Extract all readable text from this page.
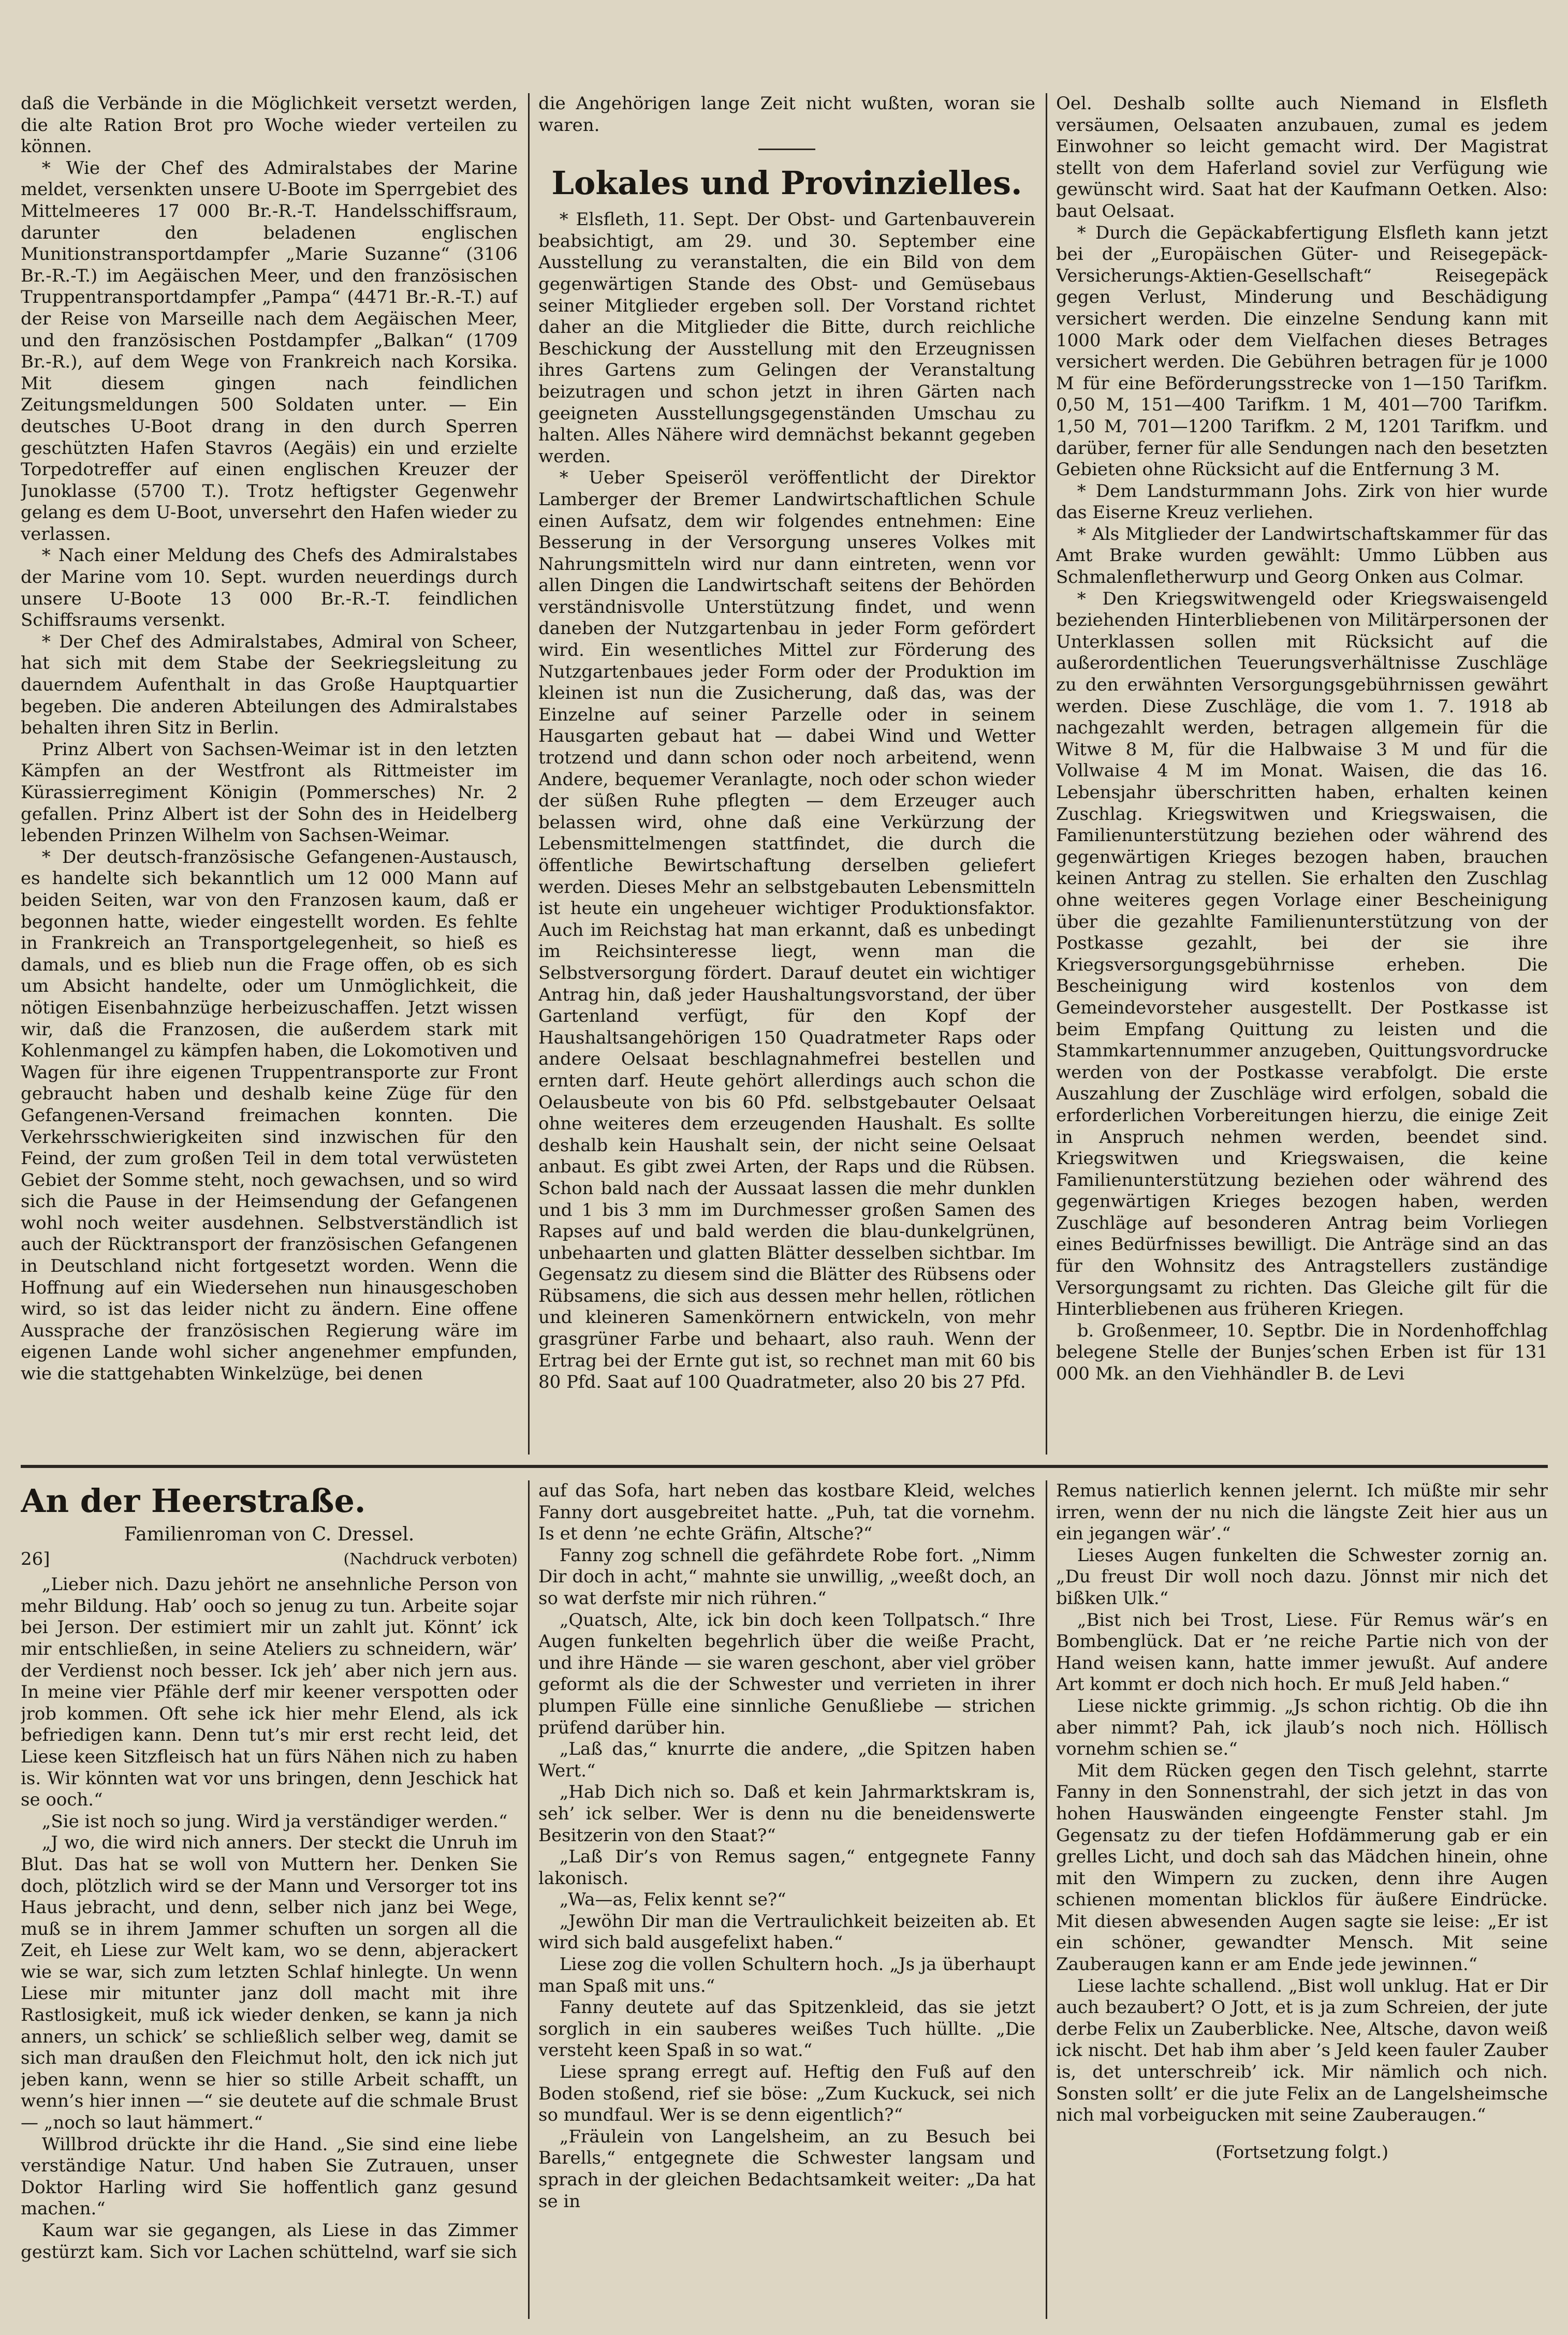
daß die Verbände in die Möglichkeit versetzt werden, die alte Ration Brot pro Woche wieder verteilen zu können.

* Wie der Chef des Admiralstabes der Marine meldet, versenkten unsere U-Boote im Sperrgebiet des Mittelmeeres 17 000 Br.-R.-T. Handelsschiffsraum, darunter den beladenen englischen Munitionstransportdampfer „Marie Suzanne“ (3106 Br.-R.-T.) im Aegäischen Meer, und den französischen Truppentransportdampfer „Pampa“ (4471 Br.-R.-T.) auf der Reise von Marseille nach dem Aegäischen Meer, und den französischen Postdampfer „Balkan“ (1709 Br.-R.), auf dem Wege von Frankreich nach Korsika. Mit diesem gingen nach feindlichen Zeitungsmeldungen 500 Soldaten unter. — Ein deutsches U-Boot drang in den durch Sperren geschützten Hafen Stavros (Aegäis) ein und erzielte Torpedotreffer auf einen englischen Kreuzer der Junoklasse (5700 T.). Trotz heftigster Gegenwehr gelang es dem U-Boot, unversehrt den Hafen wieder zu verlassen.

* Nach einer Meldung des Chefs des Admiralstabes der Marine vom 10. Sept. wurden neuerdings durch unsere U-Boote 13 000 Br.-R.-T. feindlichen Schiffsraums versenkt.

* Der Chef des Admiralstabes, Admiral von Scheer, hat sich mit dem Stabe der Seekriegsleitung zu dauerndem Aufenthalt in das Große Hauptquartier begeben. Die anderen Abteilungen des Admiralstabes behalten ihren Sitz in Berlin.

Prinz Albert von Sachsen-Weimar ist in den letzten Kämpfen an der Westfront als Rittmeister im Kürassierregiment Königin (Pommersches) Nr. 2 gefallen. Prinz Albert ist der Sohn des in Heidelberg lebenden Prinzen Wilhelm von Sachsen-Weimar.

* Der deutsch-französische Gefangenen-Austausch, es handelte sich bekanntlich um 12 000 Mann auf beiden Seiten, war von den Franzosen kaum, daß er begonnen hatte, wieder eingestellt worden. Es fehlte in Frankreich an Transportgelegenheit, so hieß es damals, und es blieb nun die Frage offen, ob es sich um Absicht handelte, oder um Unmöglichkeit, die nötigen Eisenbahnzüge herbeizuschaffen. Jetzt wissen wir, daß die Franzosen, die außerdem stark mit Kohlenmangel zu kämpfen haben, die Lokomotiven und Wagen für ihre eigenen Truppentransporte zur Front gebraucht haben und deshalb keine Züge für den Gefangenen-Versand freimachen konnten. Die Verkehrsschwierigkeiten sind inzwischen für den Feind, der zum großen Teil in dem total verwüsteten Gebiet der Somme steht, noch gewachsen, und so wird sich die Pause in der Heimsendung der Gefangenen wohl noch weiter ausdehnen. Selbstverständlich ist auch der Rücktransport der französischen Gefangenen in Deutschland nicht fortgesetzt worden. Wenn die Hoffnung auf ein Wiedersehen nun hinausgeschoben wird, so ist das leider nicht zu ändern. Eine offene Aussprache der französischen Regierung wäre im eigenen Lande wohl sicher angenehmer empfunden, wie die stattgehabten Winkelzüge, bei denen

die Angehörigen lange Zeit nicht wußten, woran sie waren.

Lokales und Provinzielles.

* Elsfleth, 11. Sept. Der Obst- und Gartenbauverein beabsichtigt, am 29. und 30. September eine Ausstellung zu veranstalten, die ein Bild von dem gegenwärtigen Stande des Obst- und Gemüsebaus seiner Mitglieder ergeben soll. Der Vorstand richtet daher an die Mitglieder die Bitte, durch reichliche Beschickung der Ausstellung mit den Erzeugnissen ihres Gartens zum Gelingen der Veranstaltung beizutragen und schon jetzt in ihren Gärten nach geeigneten Ausstellungsgegenständen Umschau zu halten. Alles Nähere wird demnächst bekannt gegeben werden.

* Ueber Speiseröl veröffentlicht der Direktor Lamberger der Bremer Landwirtschaftlichen Schule einen Aufsatz, dem wir folgendes entnehmen: Eine Besserung in der Versorgung unseres Volkes mit Nahrungsmitteln wird nur dann eintreten, wenn vor allen Dingen die Landwirtschaft seitens der Behörden verständnisvolle Unterstützung findet, und wenn daneben der Nutzgartenbau in jeder Form gefördert wird. Ein wesentliches Mittel zur Förderung des Nutzgartenbaues jeder Form oder der Produktion im kleinen ist nun die Zusicherung, daß das, was der Einzelne auf seiner Parzelle oder in seinem Hausgarten gebaut hat — dabei Wind und Wetter trotzend und dann schon oder noch arbeitend, wenn Andere, bequemer Veranlagte, noch oder schon wieder der süßen Ruhe pflegten — dem Erzeuger auch belassen wird, ohne daß eine Verkürzung der Lebensmittelmengen stattfindet, die durch die öffentliche Bewirtschaftung derselben geliefert werden. Dieses Mehr an selbstgebauten Lebensmitteln ist heute ein ungeheuer wichtiger Produktionsfaktor. Auch im Reichstag hat man erkannt, daß es unbedingt im Reichsinteresse liegt, wenn man die Selbstversorgung fördert. Darauf deutet ein wichtiger Antrag hin, daß jeder Haushaltungsvorstand, der über Gartenland verfügt, für den Kopf der Haushaltsangehörigen 150 Quadratmeter Raps oder andere Oelsaat beschlagnahmefrei bestellen und ernten darf. Heute gehört allerdings auch schon die Oelausbeute von bis 60 Pfd. selbstgebauter Oelsaat ohne weiteres dem erzeugenden Haushalt. Es sollte deshalb kein Haushalt sein, der nicht seine Oelsaat anbaut. Es gibt zwei Arten, der Raps und die Rübsen. Schon bald nach der Aussaat lassen die mehr dunklen und 1 bis 3 mm im Durchmesser großen Samen des Rapses auf und bald werden die blau-dunkelgrünen, unbehaarten und glatten Blätter desselben sichtbar. Im Gegensatz zu diesem sind die Blätter des Rübsens oder Rübsamens, die sich aus dessen mehr hellen, rötlichen und kleineren Samenkörnern entwickeln, von mehr grasgrüner Farbe und behaart, also rauh. Wenn der Ertrag bei der Ernte gut ist, so rechnet man mit 60 bis 80 Pfd. Saat auf 100 Quadratmeter, also 20 bis 27 Pfd.

Oel. Deshalb sollte auch Niemand in Elsfleth versäumen, Oelsaaten anzubauen, zumal es jedem Einwohner so leicht gemacht wird. Der Magistrat stellt von dem Haferland soviel zur Verfügung wie gewünscht wird. Saat hat der Kaufmann Oetken. Also: baut Oelsaat.

* Durch die Gepäckabfertigung Elsfleth kann jetzt bei der „Europäischen Güter- und Reisegepäck-Versicherungs-Aktien-Gesellschaft“ Reisegepäck gegen Verlust, Minderung und Beschädigung versichert werden. Die einzelne Sendung kann mit 1000 Mark oder dem Vielfachen dieses Betrages versichert werden. Die Gebühren betragen für je 1000 M für eine Beförderungsstrecke von 1—150 Tarifkm. 0,50 M, 151—400 Tarifkm. 1 M, 401—700 Tarifkm. 1,50 M, 701—1200 Tarifkm. 2 M, 1201 Tarifkm. und darüber, ferner für alle Sendungen nach den besetzten Gebieten ohne Rücksicht auf die Entfernung 3 M.

* Dem Landsturmmann Johs. Zirk von hier wurde das Eiserne Kreuz verliehen.

* Als Mitglieder der Landwirtschaftskammer für das Amt Brake wurden gewählt: Ummo Lübben aus Schmalenfletherwurp und Georg Onken aus Colmar.

* Den Kriegswitwengeld oder Kriegswaisengeld beziehenden Hinterbliebenen von Militärpersonen der Unterklassen sollen mit Rücksicht auf die außerordentlichen Teuerungsverhältnisse Zuschläge zu den erwähnten Versorgungsgebührnissen gewährt werden. Diese Zuschläge, die vom 1. 7. 1918 ab nachgezahlt werden, betragen allgemein für die Witwe 8 M, für die Halbwaise 3 M und für die Vollwaise 4 M im Monat. Waisen, die das 16. Lebensjahr überschritten haben, erhalten keinen Zuschlag. Kriegswitwen und Kriegswaisen, die Familienunterstützung beziehen oder während des gegenwärtigen Krieges bezogen haben, brauchen keinen Antrag zu stellen. Sie erhalten den Zuschlag ohne weiteres gegen Vorlage einer Bescheinigung über die gezahlte Familienunterstützung von der Postkasse gezahlt, bei der sie ihre Kriegsversorgungsgebührnisse erheben. Die Bescheinigung wird kostenlos von dem Gemeindevorsteher ausgestellt. Der Postkasse ist beim Empfang Quittung zu leisten und die Stammkartennummer anzugeben, Quittungsvordrucke werden von der Postkasse verabfolgt. Die erste Auszahlung der Zuschläge wird erfolgen, sobald die erforderlichen Vorbereitungen hierzu, die einige Zeit in Anspruch nehmen werden, beendet sind. Kriegswitwen und Kriegswaisen, die keine Familienunterstützung beziehen oder während des gegenwärtigen Krieges bezogen haben, werden Zuschläge auf besonderen Antrag beim Vorliegen eines Bedürfnisses bewilligt. Die Anträge sind an das für den Wohnsitz des Antragstellers zuständige Versorgungsamt zu richten. Das Gleiche gilt für die Hinterbliebenen aus früheren Kriegen.

b. Großenmeer, 10. Septbr. Die in Nordenhoffchlag belegene Stelle der Bunjes’schen Erben ist für 131 000 Mk. an den Viehhändler B. de Levi

An der Heerstraße.

Familienroman von C. Dressel.

26]	(Nachdruck verboten)

„Lieber nich. Dazu jehört ne ansehnliche Person von mehr Bildung. Hab’ ooch so jenug zu tun. Arbeite sojar bei Jerson. Der estimiert mir un zahlt jut. Könnt’ ick mir entschließen, in seine Ateliers zu schneidern, wär’ der Verdienst noch besser. Ick jeh’ aber nich jern aus. In meine vier Pfähle derf mir keener verspotten oder jrob kommen. Oft sehe ick hier mehr Elend, als ick befriedigen kann. Denn tut’s mir erst recht leid, det Liese keen Sitzfleisch hat un fürs Nähen nich zu haben is. Wir könnten wat vor uns bringen, denn Jeschick hat se ooch.“

„Sie ist noch so jung. Wird ja verständiger werden.“

„J wo, die wird nich anners. Der steckt die Unruh im Blut. Das hat se woll von Muttern her. Denken Sie doch, plötzlich wird se der Mann und Versorger tot ins Haus jebracht, und denn, selber nich janz bei Wege, muß se in ihrem Jammer schuften un sorgen all die Zeit, eh Liese zur Welt kam, wo se denn, abjerackert wie se war, sich zum letzten Schlaf hinlegte. Un wenn Liese mir mitunter janz doll macht mit ihre Rastlosigkeit, muß ick wieder denken, se kann ja nich anners, un schick’ se schließlich selber weg, damit se sich man draußen den Fleichmut holt, den ick nich jut jeben kann, wenn se hier so stille Arbeit schafft, un wenn’s hier innen —“ sie deutete auf die schmale Brust — „noch so laut hämmert.“

Willbrod drückte ihr die Hand. „Sie sind eine liebe verständige Natur. Und haben Sie Zutrauen, unser Doktor Harling wird Sie hoffentlich ganz gesund machen.“

Kaum war sie gegangen, als Liese in das Zimmer gestürzt kam. Sich vor Lachen schüttelnd, warf sie sich

auf das Sofa, hart neben das kostbare Kleid, welches Fanny dort ausgebreitet hatte. „Puh, tat die vornehm. Is et denn ’ne echte Gräfin, Altsche?“

Fanny zog schnell die gefährdete Robe fort. „Nimm Dir doch in acht,“ mahnte sie unwillig, „weeßt doch, an so wat derfste mir nich rühren.“

„Quatsch, Alte, ick bin doch keen Tollpatsch.“ Ihre Augen funkelten begehrlich über die weiße Pracht, und ihre Hände — sie waren geschont, aber viel gröber geformt als die der Schwester und verrieten in ihrer plumpen Fülle eine sinnliche Genußliebe — strichen prüfend darüber hin.

„Laß das,“ knurrte die andere, „die Spitzen haben Wert.“

„Hab Dich nich so. Daß et kein Jahrmarktskram is, seh’ ick selber. Wer is denn nu die beneidenswerte Besitzerin von den Staat?“

„Laß Dir’s von Remus sagen,“ entgegnete Fanny lakonisch.

„Wa—as, Felix kennt se?“

„Jewöhn Dir man die Vertraulichkeit beizeiten ab. Et wird sich bald ausgefelixt haben.“

Liese zog die vollen Schultern hoch. „Js ja überhaupt man Spaß mit uns.“

Fanny deutete auf das Spitzenkleid, das sie jetzt sorglich in ein sauberes weißes Tuch hüllte. „Die versteht keen Spaß in so wat.“

Liese sprang erregt auf. Heftig den Fuß auf den Boden stoßend, rief sie böse: „Zum Kuckuck, sei nich so mundfaul. Wer is se denn eigentlich?“

„Fräulein von Langelsheim, an zu Besuch bei Barells,“ entgegnete die Schwester langsam und sprach in der gleichen Bedachtsamkeit weiter: „Da hat se in

Remus natierlich kennen jelernt. Ich müßte mir sehr irren, wenn der nu nich die längste Zeit hier aus un ein jegangen wär’.“

Lieses Augen funkelten die Schwester zornig an. „Du freust Dir woll noch dazu. Jönnst mir nich det bißken Ulk.“

„Bist nich bei Trost, Liese. Für Remus wär’s en Bombenglück. Dat er ’ne reiche Partie nich von der Hand weisen kann, hatte immer jewußt. Auf andere Art kommt er doch nich hoch. Er muß Jeld haben.“

Liese nickte grimmig. „Js schon richtig. Ob die ihn aber nimmt? Pah, ick jlaub’s noch nich. Höllisch vornehm schien se.“

Mit dem Rücken gegen den Tisch gelehnt, starrte Fanny in den Sonnenstrahl, der sich jetzt in das von hohen Hauswänden eingeengte Fenster stahl. Jm Gegensatz zu der tiefen Hofdämmerung gab er ein grelles Licht, und doch sah das Mädchen hinein, ohne mit den Wimpern zu zucken, denn ihre Augen schienen momentan blicklos für äußere Eindrücke. Mit diesen abwesenden Augen sagte sie leise: „Er ist ein schöner, gewandter Mensch. Mit seine Zauberaugen kann er am Ende jede jewinnen.“

Liese lachte schallend. „Bist woll unklug. Hat er Dir auch bezaubert? O Jott, et is ja zum Schreien, der jute derbe Felix un Zauberblicke. Nee, Altsche, davon weiß ick nischt. Det hab ihm aber ’s Jeld keen fauler Zauber is, det unterschreib’ ick. Mir nämlich och nich. Sonsten sollt’ er die jute Felix an de Langelsheimsche nich mal vorbeigucken mit seine Zauberaugen.“

(Fortsetzung folgt.)
